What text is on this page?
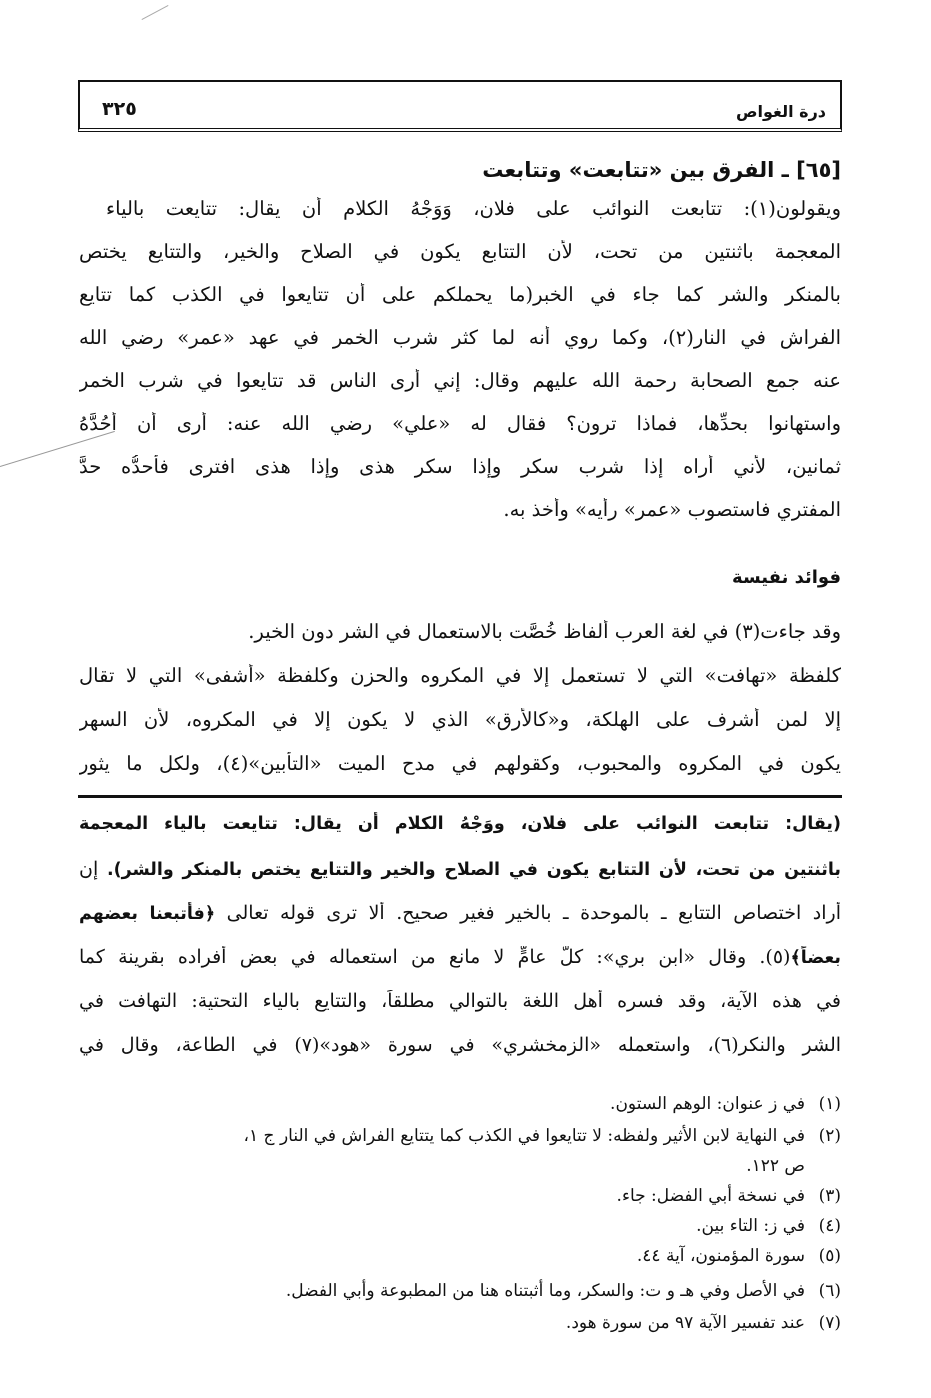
درة الغواص
٣٢٥
[٦٥] ـ الفرق بين «تتابعت» وتتابعت
ويقولون(١): تتابعت النوائب على فلان، وَوَجْهُ الكلام أن يقال: تتايعت بالياء
المعجمة باثنتين من تحت، لأن التتابع يكون في الصلاح والخير، والتتايع يختص
بالمنكر والشر كما جاء في الخبر(ما يحملكم على أن تتايعوا في الكذب كما تتايع
الفراش في النار(٢)، وكما روي أنه لما كثر شرب الخمر في عهد «عمر» رضي الله
عنه جمع الصحابة رحمة الله عليهم وقال: إني أرى الناس قد تتايعوا في شرب الخمر
واستهانوا بحدِّها، فماذا ترون؟ فقال له «علي» رضي الله عنه: أرى أن أحُدَّهُ
ثمانين، لأني أراه إذا شرب سكر وإذا سكر هذى وإذا هذى افترى فأحدُّه حدَّ
المفتري فاستصوب «عمر» رأيه» وأخذ به.
فوائد نفيسة
وقد جاءت(٣) في لغة العرب ألفاظ خُصَّت بالاستعمال في الشر دون الخير.
كلفظة «تهافت» التي لا تستعمل إلا في المكروه والحزن وكلفظة «أشفى» التي لا تقال
إلا لمن أشرف على الهلكة، و«كالأرق» الذي لا يكون إلا في المكروه، لأن السهر
يكون في المكروه والمحبوب، وكقولهم في مدح الميت «التأبين»(٤)، ولكل ما يثور
(يقال: تتابعت النوائب على فلان، ووَجْهُ الكلام أن يقال: تتايعت بالياء المعجمة
باثنتين من تحت، لأن التتابع يكون في الصلاح والخير والتتايع يختص بالمنكر والشر). إن
أراد اختصاص التتابع ـ بالموحدة ـ بالخير فغير صحيح. ألا ترى قوله تعالى ﴿فأتبعنا بعضهم
بعضاً﴾(٥). وقال «ابن بري»: كلُّ عامٍّ لا مانع من استعماله في بعض أفراده بقرينة كما
في هذه الآية، وقد فسره أهل اللغة بالتوالي مطلقاً، والتتايع بالياء التحتية: التهافت في
الشر والنكر(٦)، واستعمله «الزمخشري» في سورة «هود»(٧) في الطاعة، وقال في
(١)في ز عنوان: الوهم الستون.
(٢)في النهاية لابن الأثير ولفظه: لا تتايعوا في الكذب كما يتتايع الفراش في النار ج ١،
ص ١٢٢.
(٣)في نسخة أبي الفضل: جاء.
(٤)في ز: التاء بين.
(٥)سورة المؤمنون، آية ٤٤.
(٦)في الأصل وفي هـ و ت: والسكر، وما أثبتناه هنا من المطبوعة وأبي الفضل.
(٧)عند تفسير الآية ٩٧ من سورة هود.
